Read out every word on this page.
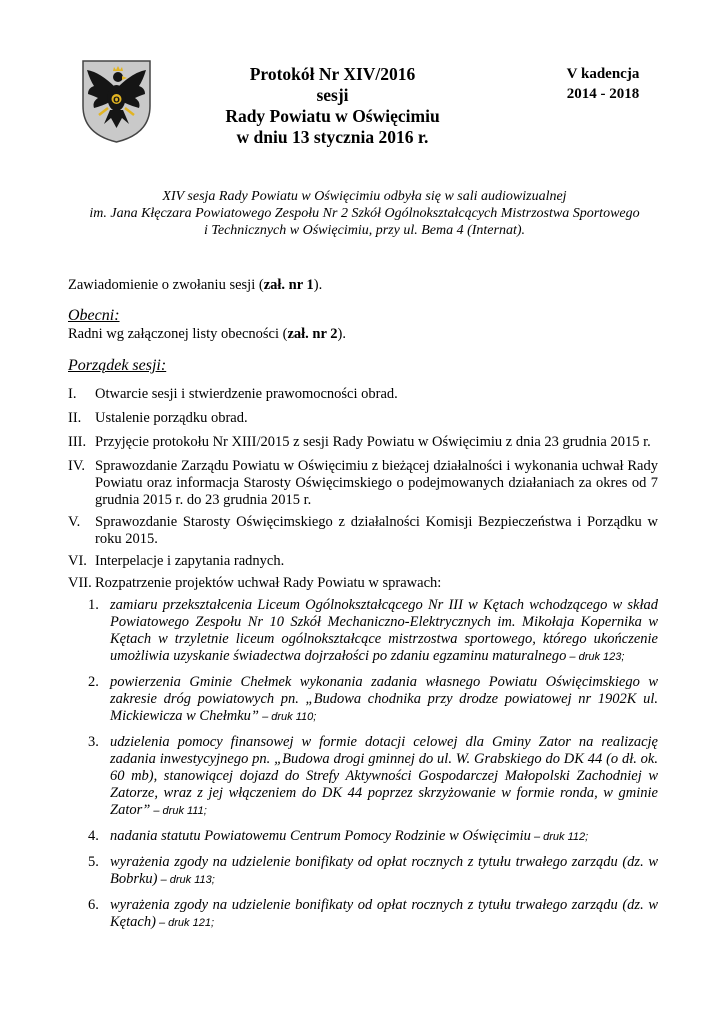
O
Protokół Nr XIV/2016
sesji
Rady Powiatu w Oświęcimiu
w dniu 13 stycznia 2016 r.
V kadencja
2014 - 2018
XIV sesja Rady Powiatu w Oświęcimiu odbyła się w sali audiowizualnej
im. Jana Kłęczara Powiatowego Zespołu Nr 2 Szkół Ogólnokształcących Mistrzostwa Sportowego
i Technicznych w Oświęcimiu, przy ul. Bema 4 (Internat).
Zawiadomienie o zwołaniu sesji (zał. nr 1).
Obecni:
Radni wg załączonej listy obecności (zał. nr 2).
Porządek sesji:
I.	Otwarcie sesji i stwierdzenie prawomocności obrad.
II. Ustalenie porządku obrad.
III. Przyjęcie protokołu Nr XIII/2015 z sesji Rady Powiatu w Oświęcimiu z dnia 23 grudnia 2015 r.
IV. Sprawozdanie Zarządu Powiatu w Oświęcimiu z bieżącej działalności i wykonania uchwał Rady Powiatu oraz informacja Starosty Oświęcimskiego o podejmowanych działaniach za okres od 7 grudnia 2015 r. do 23 grudnia 2015 r.
V.	Sprawozdanie Starosty Oświęcimskiego z działalności Komisji Bezpieczeństwa i Porządku w roku 2015.
VI. Interpelacje i zapytania radnych.
VII. Rozpatrzenie projektów uchwał Rady Powiatu w sprawach:
1. zamiaru przekształcenia Liceum Ogólnokształcącego Nr III w Kętach wchodzącego w skład Powiatowego Zespołu Nr 10 Szkół Mechaniczno-Elektrycznych im. Mikołaja Kopernika w Kętach w trzyletnie liceum ogólnokształcące mistrzostwa sportowego, którego ukończenie umożliwia uzyskanie świadectwa dojrzałości po zdaniu egzaminu maturalnego – druk 123;
2. powierzenia Gminie Chełmek wykonania zadania własnego Powiatu Oświęcimskiego w zakresie dróg powiatowych pn. „Budowa chodnika przy drodze powiatowej nr 1902K ul. Mickiewicza w Chełmku” – druk 110;
3. udzielenia pomocy finansowej w formie dotacji celowej dla Gminy Zator na realizację zadania inwestycyjnego pn. „Budowa drogi gminnej do ul. W. Grabskiego do DK 44 (o dł. ok. 60 mb), stanowiącej dojazd do Strefy Aktywności Gospodarczej Małopolski Zachodniej w Zatorze, wraz z jej włączeniem do DK 44 poprzez skrzyżowanie w formie ronda, w gminie Zator” – druk 111;
4. nadania statutu Powiatowemu Centrum Pomocy Rodzinie w Oświęcimiu – druk 112;
5. wyrażenia zgody na udzielenie bonifikaty od opłat rocznych z tytułu trwałego zarządu (dz. w Bobrku) – druk 113;
6. wyrażenia zgody na udzielenie bonifikaty od opłat rocznych z tytułu trwałego zarządu (dz. w Kętach) – druk 121;
